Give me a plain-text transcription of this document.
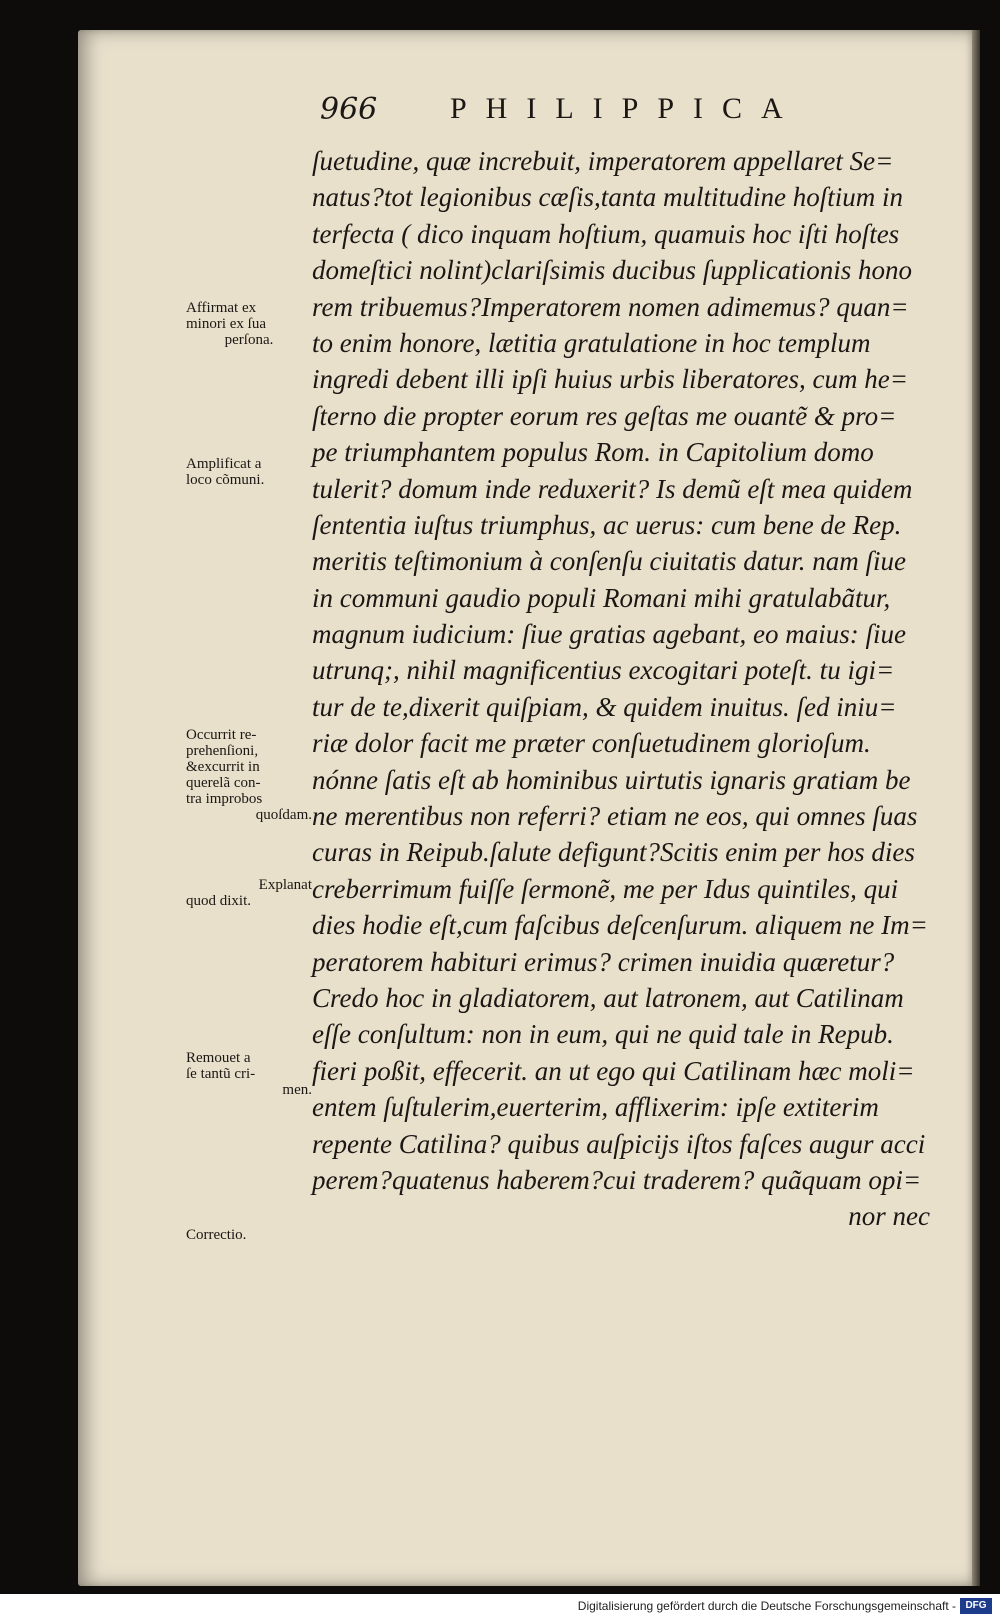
966 PHILIPPICA
ſuetudine, quæ increbuit, imperatorem appellaret Se=
natus?tot legionibus cæſis,tanta multitudine hoſtium in
terfecta ( dico inquam hoſtium, quamuis hoc iſti hoſtes
domeſtici nolint)clariſsimis ducibus ſupplicationis hono
rem tribuemus?Imperatorem nomen adimemus? quan=
to enim honore, lætitia gratulatione in hoc templum
ingredi debent illi ipſi huius urbis liberatores, cum he=
ſterno die propter eorum res geſtas me ouantẽ & pro=
pe triumphantem populus Rom. in Capitolium domo
tulerit? domum inde reduxerit? Is demũ eſt mea quidem
ſententia iuſtus triumphus, ac uerus: cum bene de Rep.
meritis teſtimonium à conſenſu ciuitatis datur. nam ſiue
in communi gaudio populi Romani mihi gratulabãtur,
magnum iudicium: ſiue gratias agebant, eo maius: ſiue
utrunq;, nihil magnificentius excogitari poteſt. tu igi=
tur de te,dixerit quiſpiam, & quidem inuitus. ſed iniu=
riæ dolor facit me præter conſuetudinem glorioſum.
nónne ſatis eſt ab hominibus uirtutis ignaris gratiam be
ne merentibus non referri? etiam ne eos, qui omnes ſuas
curas in Reipub.ſalute defigunt?Scitis enim per hos dies
creberrimum fuiſſe ſermonẽ, me per Idus quintiles, qui
dies hodie eſt,cum faſcibus deſcenſurum. aliquem ne Im=
peratorem habituri erimus? crimen inuidia quæretur?
Credo hoc in gladiatorem, aut latronem, aut Catilinam
eſſe conſultum: non in eum, qui ne quid tale in Repub.
fieri poßit, effecerit. an ut ego qui Catilinam hæc moli=
entem ſuſtulerim,euerterim, afflixerim: ipſe extiterim
repente Catilina? quibus auſpicijs iſtos faſces augur acci
perem?quatenus haberem?cui traderem? quãquam opi=
nor nec
Affirmat ex
minori ex ſua
perſona.
Amplificat a
loco cõmuni.
Occurrit re-
prehenſioni,
&excurrit in
querelã con-
tra improbos
quoſdam.
Explanat
quod dixit.
Remouet a
ſe tantũ cri-
men.
Correctio.
Digitalisierung gefördert durch die Deutsche Forschungsgemeinschaft - DFG
